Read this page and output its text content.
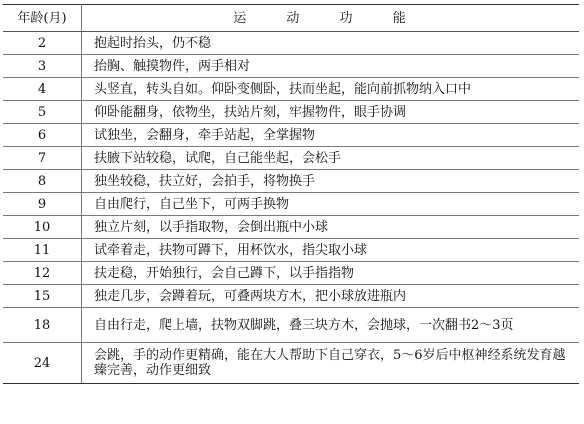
年龄(月)	运 动 功 能
2	抱起时抬头，仍不稳
3	抬胸、触摸物件，两手相对
4	头竖直，转头自如。仰卧变侧卧，扶而坐起，能向前抓物纳入口中
5	仰卧能翻身，依物坐，扶站片刻，牢握物件，眼手协调
6	试独坐，会翻身，牵手站起，全掌握物
7	扶腋下站较稳，试爬，自己能坐起，会松手
8	独坐较稳，扶立好，会拍手，将物换手
9	自由爬行，自己坐下，可两手换物
10	独立片刻，以手指取物，会倒出瓶中小球
11	试牵着走，扶物可蹲下，用杯饮水，指尖取小球
12	扶走稳，开始独行，会自己蹲下，以手指指物
15	独走几步，会蹲着玩，可叠两块方木，把小球放进瓶内
18	自由行走，爬上墙，扶物双脚跳，叠三块方木，会抛球，一次翻书2～3页
24	会跳，手的动作更精确，能在大人帮助下自己穿衣，5～6岁后中枢神经系统发育越臻完善，动作更细致
